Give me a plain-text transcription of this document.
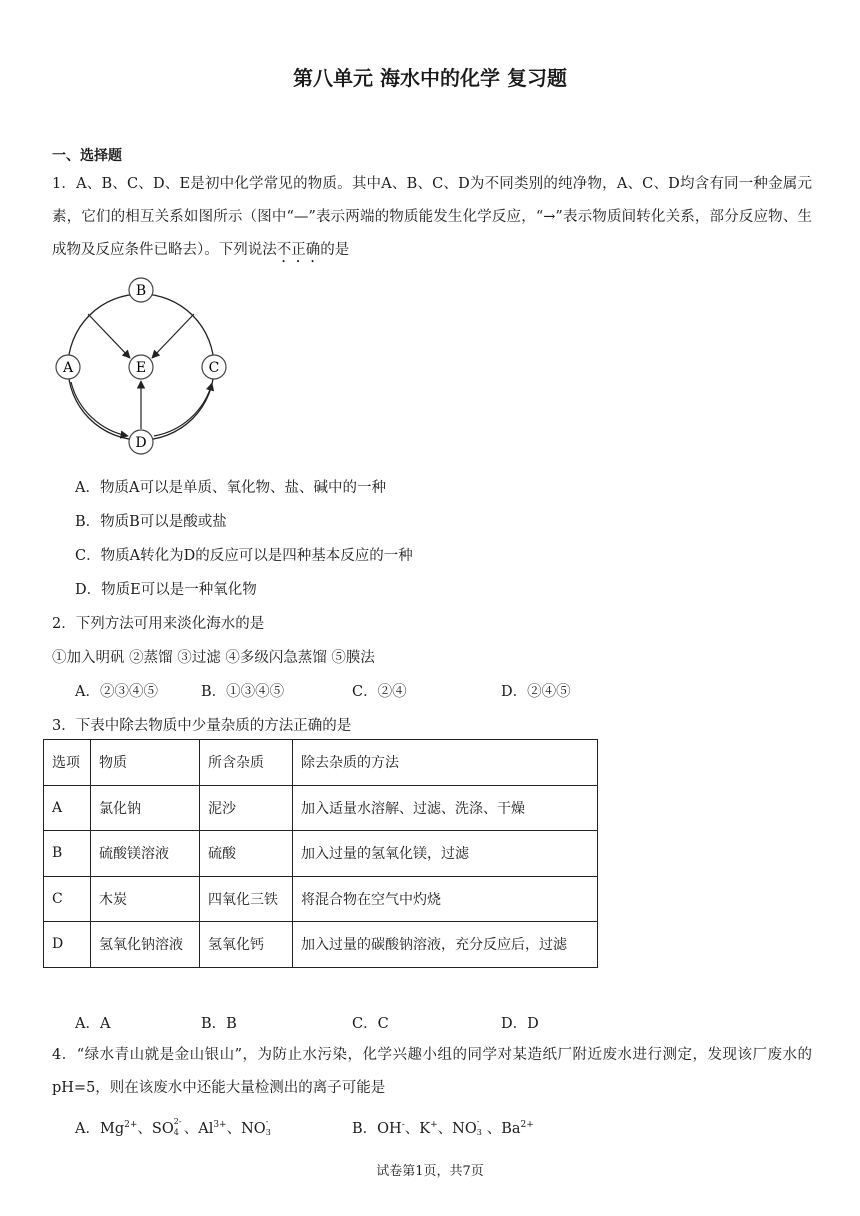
第八单元 海水中的化学 复习题
一、选择题
1．A、B、C、D、E是初中化学常见的物质。其中A、B、C、D为不同类别的纯净物，A、C、D均含有同一种金属元素，它们的相互关系如图所示（图中“—”表示两端的物质能发生化学反应，“→”表示物质间转化关系，部分反应物、生成物及反应条件已略去）。下列说法不正确的是
B
A	E	C
D
A．物质A可以是单质、氧化物、盐、碱中的一种
B．物质B可以是酸或盐
C．物质A转化为D的反应可以是四种基本反应的一种
D．物质E可以是一种氧化物
2．下列方法可用来淡化海水的是
①加入明矾 ②蒸馏 ③过滤 ④多级闪急蒸馏 ⑤膜法
A．②③④⑤	B．①③④⑤	C．②④	D．②④⑤
3．下表中除去物质中少量杂质的方法正确的是
选项	物质	所含杂质	除去杂质的方法
A	氯化钠	泥沙	加入适量水溶解、过滤、洗涤、干燥
B	硫酸镁溶液	硫酸	加入过量的氢氧化镁，过滤
C	木炭	四氧化三铁	将混合物在空气中灼烧
D	氢氧化钠溶液	氢氧化钙	加入过量的碳酸钠溶液，充分反应后，过滤
A．A	B．B	C．C	D．D
4．“绿水青山就是金山银山”，为防止水污染，化学兴趣小组的同学对某造纸厂附近废水进行测定，发现该厂废水的pH=5，则在该废水中还能大量检测出的离子可能是
A．$Mg^{2+}$、SO 2-
4 、$Al^{3+}$、NO -
3	B．OH-、K+、NO -
3 、$Ba^{2+}$
试卷第1页，共7页
